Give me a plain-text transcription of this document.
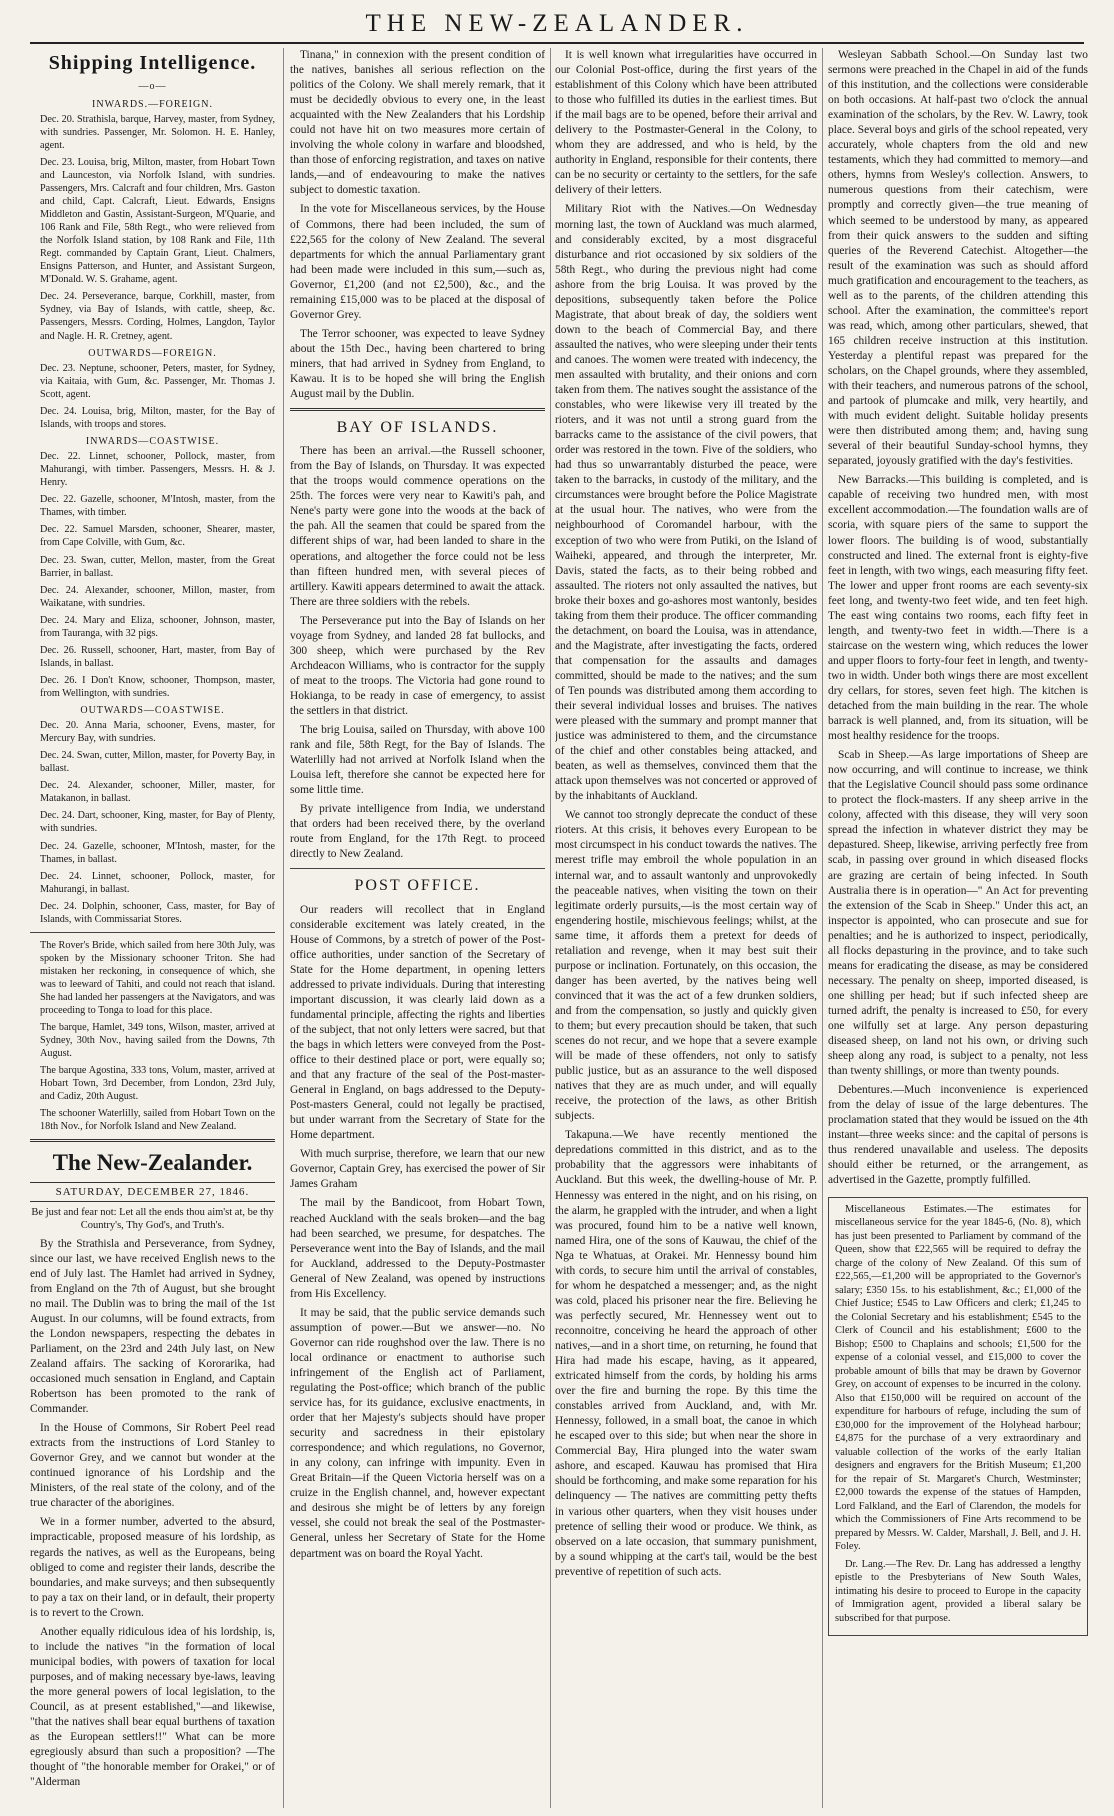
THE NEW-ZEALANDER.
Shipping Intelligence.
—o—
INWARDS.—FOREIGN.

Dec. 20. Strathisla, barque, Harvey, master, from Sydney, with sundries. Passenger, Mr. Solomon. H. E. Hanley, agent.

Dec. 23. Louisa, brig, Milton, master, from Hobart Town and Launceston, via Norfolk Island, with sundries. Passengers, Mrs. Calcraft and four children, Mrs. Gaston and child, Capt. Calcraft, Lieut. Edwards, Ensigns Middleton and Gastin, Assistant-Surgeon, M'Quarie, and 106 Rank and File, 58th Regt., who were relieved from the Norfolk Island station, by 108 Rank and File, 11th Regt. commanded by Captain Grant, Lieut. Chalmers, Ensigns Patterson, and Hunter, and Assistant Surgeon, M'Donald. W. S. Grahame, agent.

Dec. 24. Perseverance, barque, Corkhill, master, from Sydney, via Bay of Islands, with cattle, sheep, &c. Passengers, Messrs. Cording, Holmes, Langdon, Taylor and Nagle. H. R. Cretney, agent.

OUTWARDS—FOREIGN.

Dec. 23. Neptune, schooner, Peters, master, for Sydney, via Kaitaia, with Gum, &c. Passenger, Mr. Thomas J. Scott, agent.

Dec. 24. Louisa, brig, Milton, master, for the Bay of Islands, with troops and stores.

INWARDS—COASTWISE.

Dec. 22. Linnet, schooner, Pollock, master, from Mahurangi, with timber. Passengers, Messrs. H. & J. Henry.

Dec. 22. Gazelle, schooner, M'Intosh, master, from the Thames, with timber.

Dec. 22. Samuel Marsden, schooner, Shearer, master, from Cape Colville, with Gum, &c.

Dec. 23. Swan, cutter, Mellon, master, from the Great Barrier, in ballast.

Dec. 24. Alexander, schooner, Millon, master, from Waikatane, with sundries.

Dec. 24. Mary and Eliza, schooner, Johnson, master, from Tauranga, with 32 pigs.

Dec. 26. Russell, schooner, Hart, master, from Bay of Islands, in ballast.

Dec. 26. I Don't Know, schooner, Thompson, master, from Wellington, with sundries.

OUTWARDS—COASTWISE.

Dec. 20. Anna Maria, schooner, Evens, master, for Mercury Bay, with sundries.

Dec. 24. Swan, cutter, Millon, master, for Poverty Bay, in ballast.

Dec. 24. Alexander, schooner, Miller, master, for Matakanon, in ballast.

Dec. 24. Dart, schooner, King, master, for Bay of Plenty, with sundries.

Dec. 24. Gazelle, schooner, M'Intosh, master, for the Thames, in ballast.

Dec. 24. Linnet, schooner, Pollock, master, for Mahurangi, in ballast.

Dec. 24. Dolphin, schooner, Cass, master, for Bay of Islands, with Commissariat Stores.

The Rover's Bride, which sailed from here 30th July, was spoken by the Missionary schooner Triton. She had mistaken her reckoning, in consequence of which, she was to leeward of Tahiti, and could not reach that island. She had landed her passengers at the Navigators, and was proceeding to Tonga to load for this place.

The barque, Hamlet, 349 tons, Wilson, master, arrived at Sydney, 30th Nov., having sailed from the Downs, 7th August.

The barque Agostina, 333 tons, Volum, master, arrived at Hobart Town, 3rd December, from London, 23rd July, and Cadiz, 20th August.

The schooner Waterlilly, sailed from Hobart Town on the 18th Nov., for Norfolk Island and New Zealand.

The New-Zealander.
SATURDAY, DECEMBER 27, 1846.
Be just and fear not: Let all the ends thou aim'st at, be thy Country's, Thy God's, and Truth's.

By the Strathisla and Perseverance, from Sydney, since our last, we have received English news to the end of July last. The Hamlet had arrived in Sydney, from England on the 7th of August, but she brought no mail. The Dublin was to bring the mail of the 1st August. In our columns, will be found extracts, from the London newspapers, respecting the debates in Parliament, on the 23rd and 24th July last, on New Zealand affairs. The sacking of Kororarika, had occasioned much sensation in England, and Captain Robertson has been promoted to the rank of Commander.

In the House of Commons, Sir Robert Peel read extracts from the instructions of Lord Stanley to Governor Grey, and we cannot but wonder at the continued ignorance of his Lordship and the Ministers, of the real state of the colony, and of the true character of the aborigines.

We in a former number, adverted to the absurd, impracticable, proposed measure of his lordship, as regards the natives, as well as the Europeans, being obliged to come and register their lands, describe the boundaries, and make surveys; and then subsequently to pay a tax on their land, or in default, their property is to revert to the Crown.

Another equally ridiculous idea of his lordship, is, to include the natives "in the formation of local municipal bodies, with powers of taxation for local purposes, and of making necessary bye-laws, leaving the more general powers of local legislation, to the Council, as at present established,"—and likewise, "that the natives shall bear equal burthens of taxation as the European settlers!!" What can be more egregiously absurd than such a proposition? —The thought of "the honorable member for Orakei," or of "Alderman

Tinana," in connexion with the present condition of the natives, banishes all serious reflection on the politics of the Colony. We shall merely remark, that it must be decidedly obvious to every one, in the least acquainted with the New Zealanders that his Lordship could not have hit on two measures more certain of involving the whole colony in warfare and bloodshed, than those of enforcing registration, and taxes on native lands,—and of endeavouring to make the natives subject to domestic taxation.

In the vote for Miscellaneous services, by the House of Commons, there had been included, the sum of £22,565 for the colony of New Zealand. The several departments for which the annual Parliamentary grant had been made were included in this sum,—such as, Governor, £1,200 (and not £2,500), &c., and the remaining £15,000 was to be placed at the disposal of Governor Grey.

The Terror schooner, was expected to leave Sydney about the 15th Dec., having been chartered to bring miners, that had arrived in Sydney from England, to Kawau. It is to be hoped she will bring the English August mail by the Dublin.

BAY OF ISLANDS.

There has been an arrival.—the Russell schooner, from the Bay of Islands, on Thursday. It was expected that the troops would commence operations on the 25th. The forces were very near to Kawiti's pah, and Nene's party were gone into the woods at the back of the pah. All the seamen that could be spared from the different ships of war, had been landed to share in the operations, and altogether the force could not be less than fifteen hundred men, with several pieces of artillery. Kawiti appears determined to await the attack. There are three soldiers with the rebels.

The Perseverance put into the Bay of Islands on her voyage from Sydney, and landed 28 fat bullocks, and 300 sheep, which were purchased by the Rev Archdeacon Williams, who is contractor for the supply of meat to the troops. The Victoria had gone round to Hokianga, to be ready in case of emergency, to assist the settlers in that district.

The brig Louisa, sailed on Thursday, with above 100 rank and file, 58th Regt, for the Bay of Islands. The Waterlilly had not arrived at Norfolk Island when the Louisa left, therefore she cannot be expected here for some little time.

By private intelligence from India, we understand that orders had been received there, by the overland route from England, for the 17th Regt. to proceed directly to New Zealand.

POST OFFICE.

Our readers will recollect that in England considerable excitement was lately created, in the House of Commons, by a stretch of power of the Post-office authorities, under sanction of the Secretary of State for the Home department, in opening letters addressed to private individuals. During that interesting important discussion, it was clearly laid down as a fundamental principle, affecting the rights and liberties of the subject, that not only letters were sacred, but that the bags in which letters were conveyed from the Post-office to their destined place or port, were equally so; and that any fracture of the seal of the Post-master-General in England, on bags addressed to the Deputy-Post-masters General, could not legally be practised, but under warrant from the Secretary of State for the Home department.

With much surprise, therefore, we learn that our new Governor, Captain Grey, has exercised the power of Sir James Graham

The mail by the Bandicoot, from Hobart Town, reached Auckland with the seals broken—and the bag had been searched, we presume, for despatches. The Perseverance went into the Bay of Islands, and the mail for Auckland, addressed to the Deputy-Postmaster General of New Zealand, was opened by instructions from His Excellency.

It may be said, that the public service demands such assumption of power.—But we answer—no. No Governor can ride roughshod over the law. There is no local ordinance or enactment to authorise such infringement of the English act of Parliament, regulating the Post-office; which branch of the public service has, for its guidance, exclusive enactments, in order that her Majesty's subjects should have proper security and sacredness in their epistolary correspondence; and which regulations, no Governor, in any colony, can infringe with impunity. Even in Great Britain—if the Queen Victoria herself was on a cruize in the English channel, and, however expectant and desirous she might be of letters by any foreign vessel, she could not break the seal of the Postmaster-General, unless her Secretary of State for the Home department was on board the Royal Yacht.

It is well known what irregularities have occurred in our Colonial Post-office, during the first years of the establishment of this Colony which have been attributed to those who fulfilled its duties in the earliest times. But if the mail bags are to be opened, before their arrival and delivery to the Postmaster-General in the Colony, to whom they are addressed, and who is held, by the authority in England, responsible for their contents, there can be no security or certainty to the settlers, for the safe delivery of their letters.

Military Riot with the Natives.—On Wednesday morning last, the town of Auckland was much alarmed, and considerably excited, by a most disgraceful disturbance and riot occasioned by six soldiers of the 58th Regt., who during the previous night had come ashore from the brig Louisa. It was proved by the depositions, subsequently taken before the Police Magistrate, that about break of day, the soldiers went down to the beach of Commercial Bay, and there assaulted the natives, who were sleeping under their tents and canoes. The women were treated with indecency, the men assaulted with brutality, and their onions and corn taken from them. The natives sought the assistance of the constables, who were likewise very ill treated by the rioters, and it was not until a strong guard from the barracks came to the assistance of the civil powers, that order was restored in the town. Five of the soldiers, who had thus so unwarrantably disturbed the peace, were taken to the barracks, in custody of the military, and the circumstances were brought before the Police Magistrate at the usual hour. The natives, who were from the neighbourhood of Coromandel harbour, with the exception of two who were from Putiki, on the Island of Waiheki, appeared, and through the interpreter, Mr. Davis, stated the facts, as to their being robbed and assaulted. The rioters not only assaulted the natives, but broke their boxes and go-ashores most wantonly, besides taking from them their produce. The officer commanding the detachment, on board the Louisa, was in attendance, and the Magistrate, after investigating the facts, ordered that compensation for the assaults and damages committed, should be made to the natives; and the sum of Ten pounds was distributed among them according to their several individual losses and bruises. The natives were pleased with the summary and prompt manner that justice was administered to them, and the circumstance of the chief and other constables being attacked, and beaten, as well as themselves, convinced them that the attack upon themselves was not concerted or approved of by the inhabitants of Auckland.

We cannot too strongly deprecate the conduct of these rioters. At this crisis, it behoves every European to be most circumspect in his conduct towards the natives. The merest trifle may embroil the whole population in an internal war, and to assault wantonly and unprovokedly the peaceable natives, when visiting the town on their legitimate orderly pursuits,—is the most certain way of engendering hostile, mischievous feelings; whilst, at the same time, it affords them a pretext for deeds of retaliation and revenge, when it may best suit their purpose or inclination. Fortunately, on this occasion, the danger has been averted, by the natives being well convinced that it was the act of a few drunken soldiers, and from the compensation, so justly and quickly given to them; but every precaution should be taken, that such scenes do not recur, and we hope that a severe example will be made of these offenders, not only to satisfy public justice, but as an assurance to the well disposed natives that they are as much under, and will equally receive, the protection of the laws, as other British subjects.

Takapuna.—We have recently mentioned the depredations committed in this district, and as to the probability that the aggressors were inhabitants of Auckland. But this week, the dwelling-house of Mr. P. Hennessy was entered in the night, and on his rising, on the alarm, he grappled with the intruder, and when a light was procured, found him to be a native well known, named Hira, one of the sons of Kauwau, the chief of the Nga te Whatuas, at Orakei. Mr. Hennessy bound him with cords, to secure him until the arrival of constables, for whom he despatched a messenger; and, as the night was cold, placed his prisoner near the fire. Believing he was perfectly secured, Mr. Hennessey went out to reconnoitre, conceiving he heard the approach of other natives,—and in a short time, on returning, he found that Hira had made his escape, having, as it appeared, extricated himself from the cords, by holding his arms over the fire and burning the rope. By this time the constables arrived from Auckland, and, with Mr. Hennessy, followed, in a small boat, the canoe in which he escaped over to this side; but when near the shore in Commercial Bay, Hira plunged into the water swam ashore, and escaped. Kauwau has promised that Hira should be forthcoming, and make some reparation for his delinquency — The natives are committing petty thefts in various other quarters, when they visit houses under pretence of selling their wood or produce. We think, as observed on a late occasion, that summary punishment, by a sound whipping at the cart's tail, would be the best preventive of repetition of such acts.

Wesleyan Sabbath School.—On Sunday last two sermons were preached in the Chapel in aid of the funds of this institution, and the collections were considerable on both occasions. At half-past two o'clock the annual examination of the scholars, by the Rev. W. Lawry, took place. Several boys and girls of the school repeated, very accurately, whole chapters from the old and new testaments, which they had committed to memory—and others, hymns from Wesley's collection. Answers, to numerous questions from their catechism, were promptly and correctly given—the true meaning of which seemed to be understood by many, as appeared from their quick answers to the sudden and sifting queries of the Reverend Catechist. Altogether—the result of the examination was such as should afford much gratification and encouragement to the teachers, as well as to the parents, of the children attending this school. After the examination, the committee's report was read, which, among other particulars, shewed, that 165 children receive instruction at this institution. Yesterday a plentiful repast was prepared for the scholars, on the Chapel grounds, where they assembled, with their teachers, and numerous patrons of the school, and partook of plumcake and milk, very heartily, and with much evident delight. Suitable holiday presents were then distributed among them; and, having sung several of their beautiful Sunday-school hymns, they separated, joyously gratified with the day's festivities.

New Barracks.—This building is completed, and is capable of receiving two hundred men, with most excellent accommodation.—The foundation walls are of scoria, with square piers of the same to support the lower floors. The building is of wood, substantially constructed and lined. The external front is eighty-five feet in length, with two wings, each measuring fifty feet. The lower and upper front rooms are each seventy-six feet long, and twenty-two feet wide, and ten feet high. The east wing contains two rooms, each fifty feet in length, and twenty-two feet in width.—There is a staircase on the western wing, which reduces the lower and upper floors to forty-four feet in length, and twenty-two in width. Under both wings there are most excellent dry cellars, for stores, seven feet high. The kitchen is detached from the main building in the rear. The whole barrack is well planned, and, from its situation, will be most healthy residence for the troops.

Scab in Sheep.—As large importations of Sheep are now occurring, and will continue to increase, we think that the Legislative Council should pass some ordinance to protect the flock-masters. If any sheep arrive in the colony, affected with this disease, they will very soon spread the infection in whatever district they may be depastured. Sheep, likewise, arriving perfectly free from scab, in passing over ground in which diseased flocks are grazing are certain of being infected. In South Australia there is in operation—" An Act for preventing the extension of the Scab in Sheep." Under this act, an inspector is appointed, who can prosecute and sue for penalties; and he is authorized to inspect, periodically, all flocks depasturing in the province, and to take such means for eradicating the disease, as may be considered necessary. The penalty on sheep, imported diseased, is one shilling per head; but if such infected sheep are turned adrift, the penalty is increased to £50, for every one wilfully set at large. Any person depasturing diseased sheep, on land not his own, or driving such sheep along any road, is subject to a penalty, not less than twenty shillings, or more than twenty pounds.

Debentures.—Much inconvenience is experienced from the delay of issue of the large debentures. The proclamation stated that they would be issued on the 4th instant—three weeks since: and the capital of persons is thus rendered unavailable and useless. The deposits should either be returned, or the arrangement, as advertised in the Gazette, promptly fulfilled.

Miscellaneous Estimates.—The estimates for miscellaneous service for the year 1845-6, (No. 8), which has just been presented to Parliament by command of the Queen, show that £22,565 will be required to defray the charge of the colony of New Zealand. Of this sum of £22,565,—£1,200 will be appropriated to the Governor's salary; £350 15s. to his establishment, &c.; £1,000 of the Chief Justice; £545 to Law Officers and clerk; £1,245 to the Colonial Secretary and his establishment; £545 to the Clerk of Council and his establishment; £600 to the Bishop; £500 to Chaplains and schools; £1,500 for the expense of a colonial vessel, and £15,000 to cover the probable amount of bills that may be drawn by Governor Grey, on account of expenses to be incurred in the colony. Also that £150,000 will be required on account of the expenditure for harbours of refuge, including the sum of £30,000 for the improvement of the Holyhead harbour; £4,875 for the purchase of a very extraordinary and valuable collection of the works of the early Italian designers and engravers for the British Museum; £1,200 for the repair of St. Margaret's Church, Westminster; £2,000 towards the expense of the statues of Hampden, Lord Falkland, and the Earl of Clarendon, the models for which the Commissioners of Fine Arts recommend to be prepared by Messrs. W. Calder, Marshall, J. Bell, and J. H. Foley.

Dr. Lang.—The Rev. Dr. Lang has addressed a lengthy epistle to the Presbyterians of New South Wales, intimating his desire to proceed to Europe in the capacity of Immigration agent, provided a liberal salary be subscribed for that purpose.
